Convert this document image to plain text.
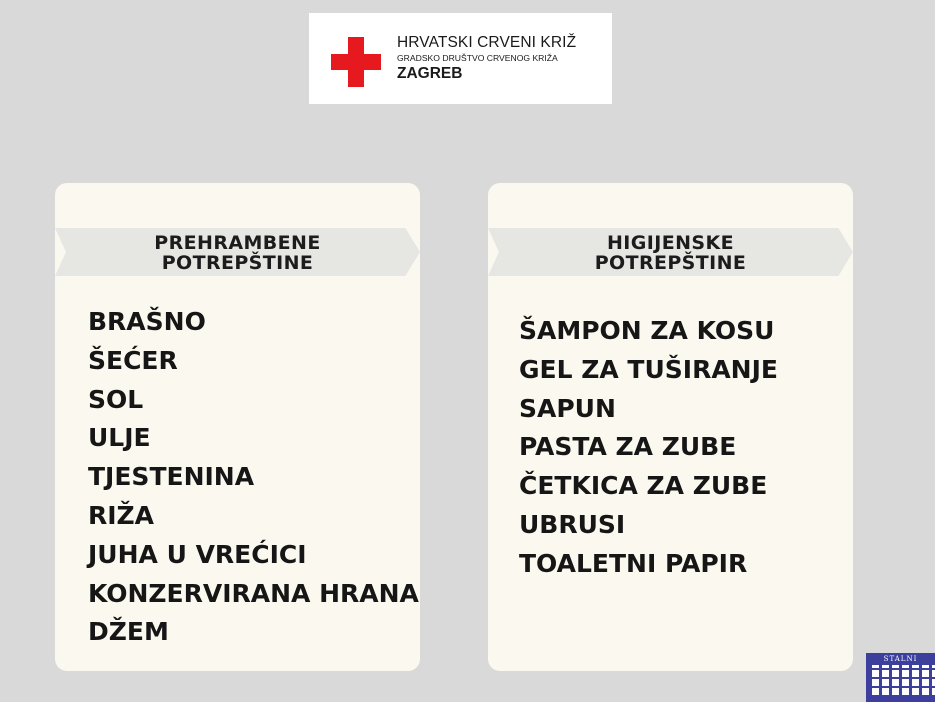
HRVATSKI CRVENI KRIŽ
GRADSKO DRUŠTVO CRVENOG KRIŽA
ZAGREB
PREHRAMBENE
POTREPŠTINE
BRAŠNO
ŠEĆER
SOL
ULJE
TJESTENINA
RIŽA
JUHA U VREĆICI
KONZERVIRANA HRANA
DŽEM
HIGIJENSKE
POTREPŠTINE
ŠAMPON ZA KOSU
GEL ZA TUŠIRANJE
SAPUN
PASTA ZA ZUBE
ČETKICA ZA ZUBE
UBRUSI
TOALETNI PAPIR
STALNI
